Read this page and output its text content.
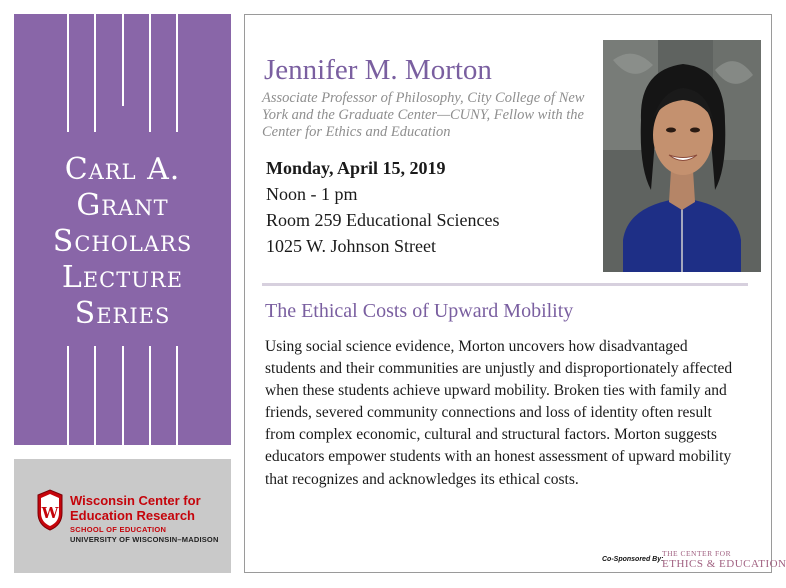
Carl A.
Grant
Scholars
Lecture
Series
W
Wisconsin Center for
Education Research
SCHOOL OF EDUCATION
UNIVERSITY OF WISCONSIN–MADISON
Jennifer M. Morton
Associate Professor of Philosophy, City College of New York and the Graduate Center—CUNY, Fellow with the Center for Ethics and Education
Monday, April 15, 2019
Noon - 1 pm
Room 259 Educational Sciences
1025 W. Johnson Street
The Ethical Costs of Upward Mobility
Using social science evidence, Morton uncovers how disadvantaged students and their communities are unjustly and disproportionately affected when these students achieve upward mobility. Broken ties with family and friends, severed community connections and loss of identity often result from complex economic, cultural and structural factors. Morton suggests educators empower students with an honest assessment of upward mobility that recognizes and acknowledges its ethical costs.
Co-Sponsored By:
THE CENTER FOR
ETHICS & EDUCATION
